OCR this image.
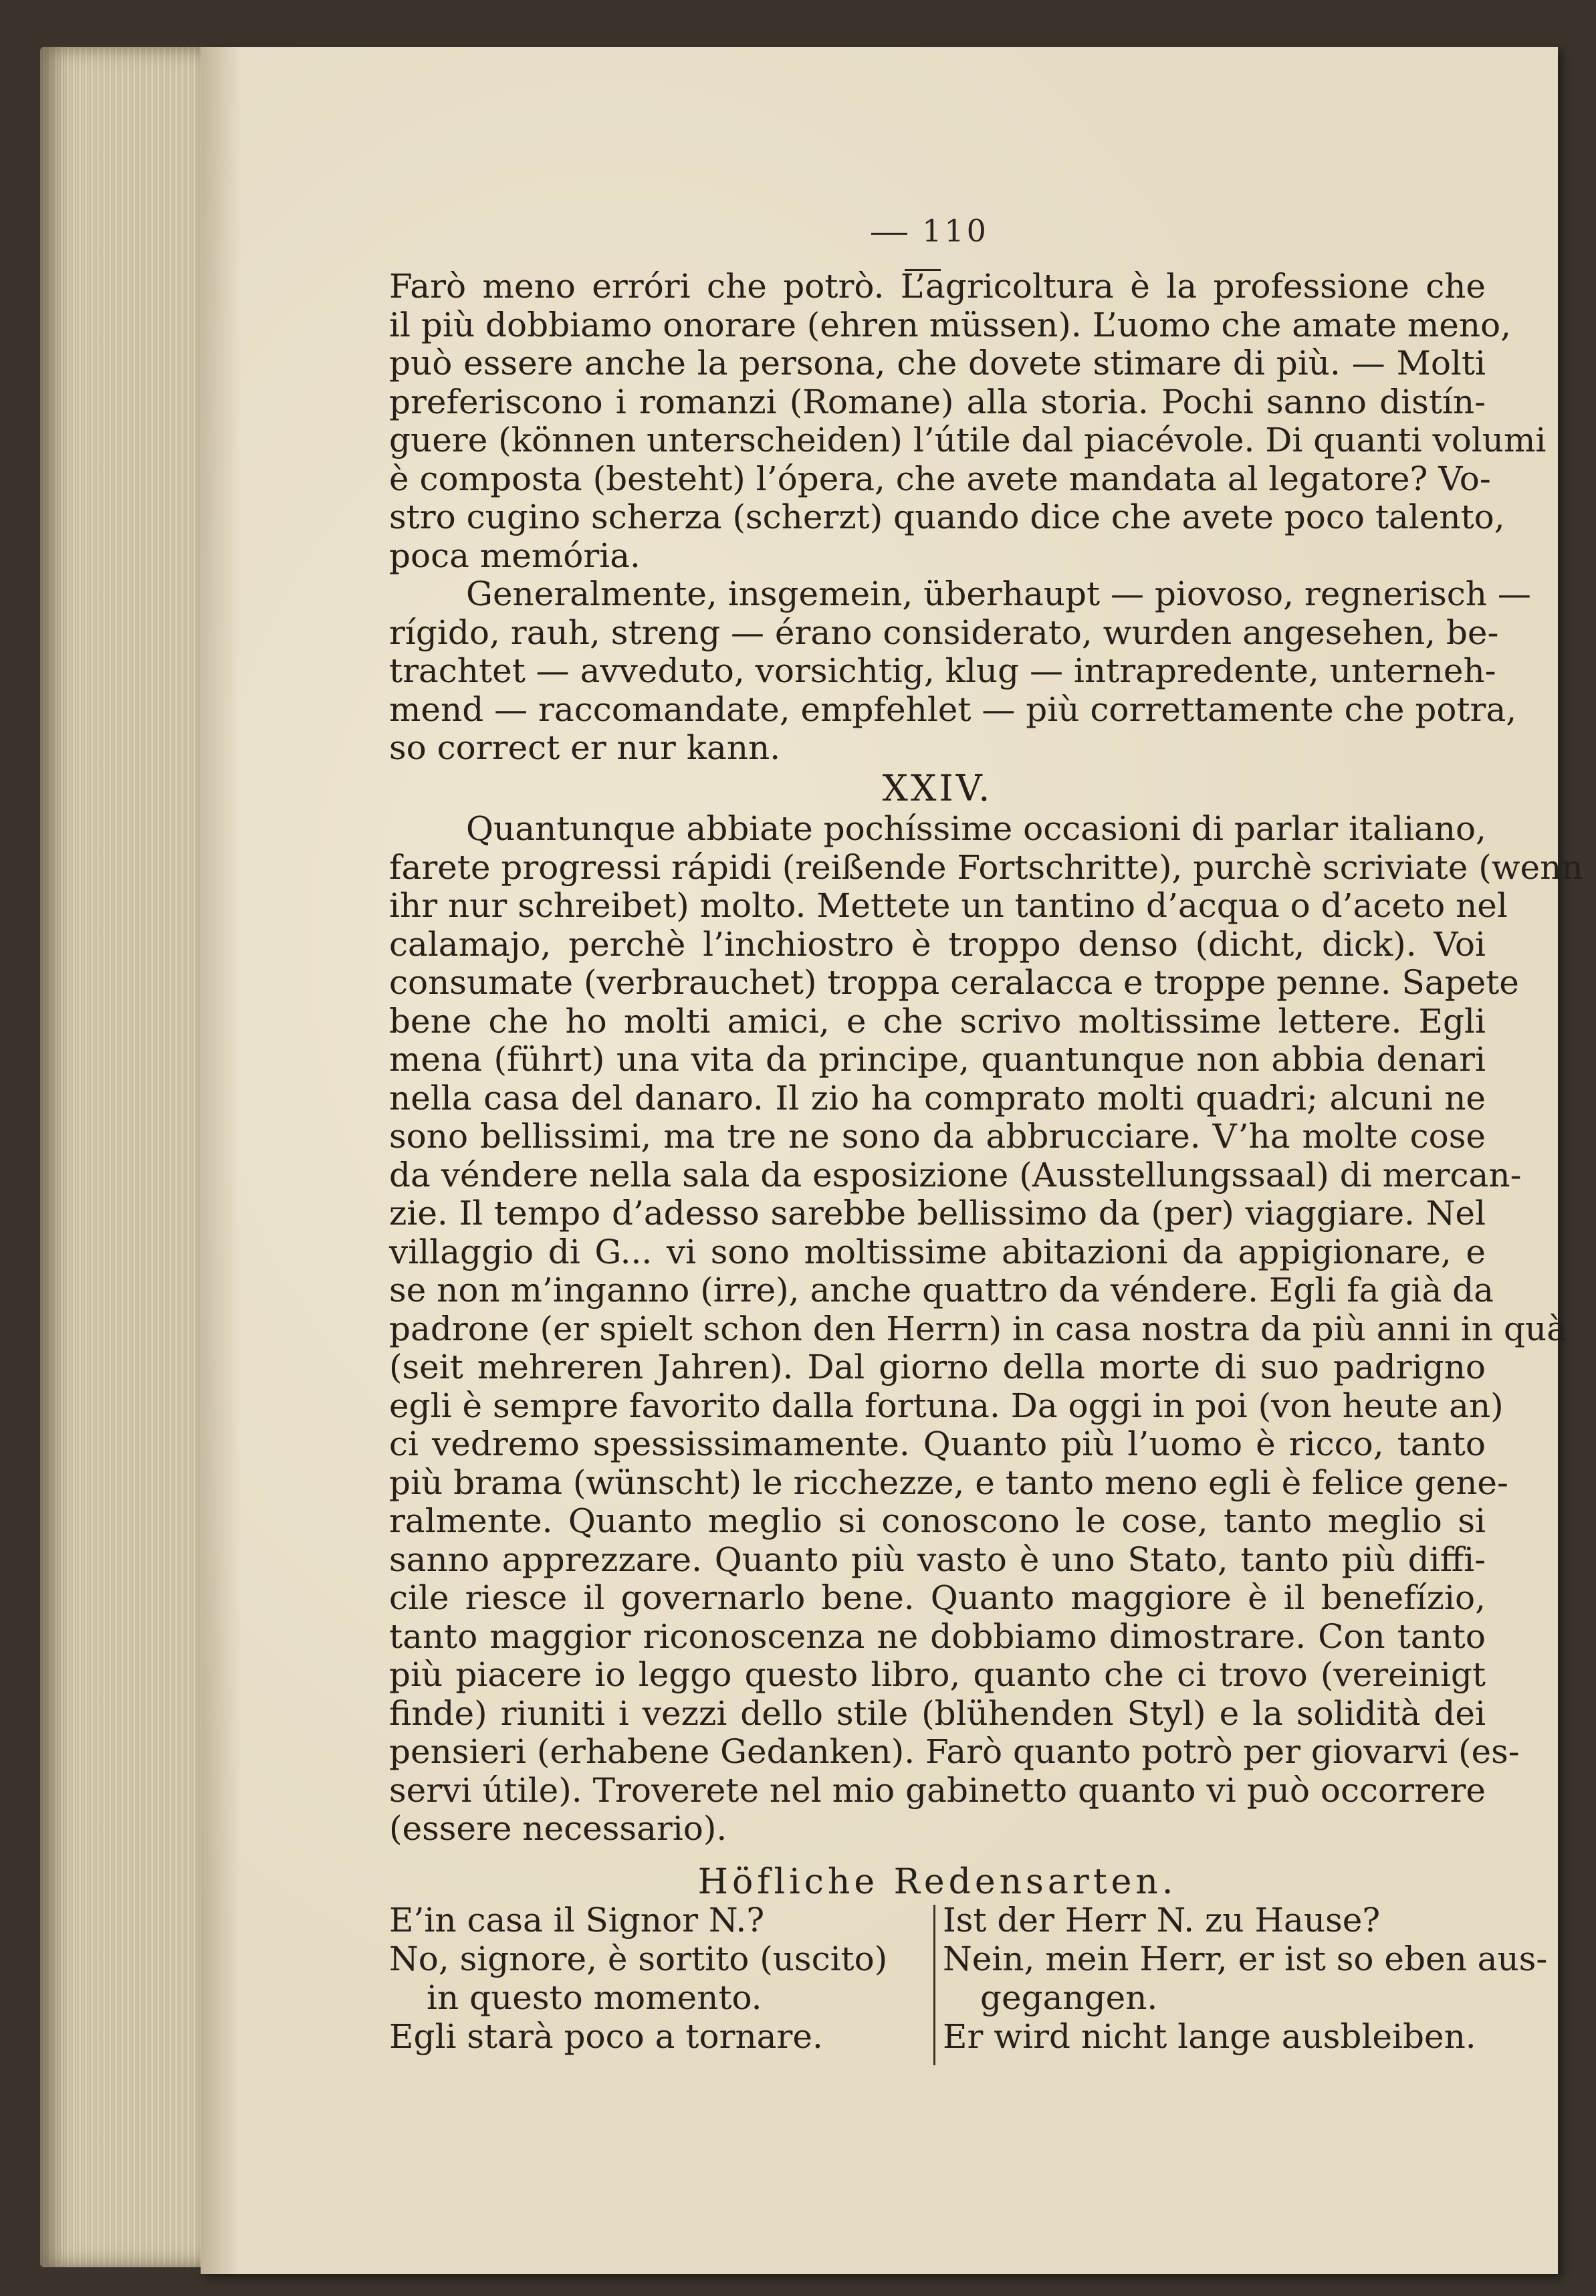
110
Farò meno erróri che potrò. L’agricoltura è la professione che
il più dobbiamo onorare (ehren müssen). L’uomo che amate meno,
può essere anche la persona, che dovete stimare di più. — Molti
preferiscono i romanzi (Romane) alla storia. Pochi sanno distín-
guere (können unterscheiden) l’útile dal piacévole. Di quanti volumi
è composta (besteht) l’ópera, che avete mandata al legatore? Vo-
stro cugino scherza (scherzt) quando dice che avete poco talento,
poca memória.
Generalmente, insgemein, überhaupt — piovoso, regnerisch —
rígido, rauh, streng — érano considerato, wurden angesehen, be-
trachtet — avveduto, vorsichtig, klug — intrapredente, unterneh-
mend — raccomandate, empfehlet — più correttamente che potra,
so correct er nur kann.
XXIV.
Quantunque abbiate pochíssime occasioni di parlar italiano,
farete progressi rápidi (reißende Fortschritte), purchè scriviate (wenn
ihr nur schreibet) molto. Mettete un tantino d’acqua o d’aceto nel
calamajo, perchè l’inchiostro è troppo denso (dicht, dick). Voi
consumate (verbrauchet) troppa ceralacca e troppe penne. Sapete
bene che ho molti amici, e che scrivo moltissime lettere. Egli
mena (führt) una vita da principe, quantunque non abbia denari
nella casa del danaro. Il zio ha comprato molti quadri; alcuni ne
sono bellissimi, ma tre ne sono da abbrucciare. V’ha molte cose
da véndere nella sala da esposizione (Ausstellungssaal) di mercan-
zie. Il tempo d’adesso sarebbe bellissimo da (per) viaggiare. Nel
villaggio di G... vi sono moltissime abitazioni da appigionare, e
se non m’inganno (irre), anche quattro da véndere. Egli fa già da
padrone (er spielt schon den Herrn) in casa nostra da più anni in quà
(seit mehreren Jahren). Dal giorno della morte di suo padrigno
egli è sempre favorito dalla fortuna. Da oggi in poi (von heute an)
ci vedremo spessissimamente. Quanto più l’uomo è ricco, tanto
più brama (wünscht) le ricchezze, e tanto meno egli è felice gene-
ralmente. Quanto meglio si conoscono le cose, tanto meglio si
sanno apprezzare. Quanto più vasto è uno Stato, tanto più diffi-
cile riesce il governarlo bene. Quanto maggiore è il benefízio,
tanto maggior riconoscenza ne dobbiamo dimostrare. Con tanto
più piacere io leggo questo libro, quanto che ci trovo (vereinigt
finde) riuniti i vezzi dello stile (blühenden Styl) e la solidità dei
pensieri (erhabene Gedanken). Farò quanto potrò per giovarvi (es-
servi útile). Troverete nel mio gabinetto quanto vi può occorrere
(essere necessario).
Höfliche Redensarten.
E’in casa il Signor N.?
No, signore, è sortito (uscito)
in questo momento.
Egli starà poco a tornare.
Ist der Herr N. zu Hause?
Nein, mein Herr, er ist so eben aus-
gegangen.
Er wird nicht lange ausbleiben.
